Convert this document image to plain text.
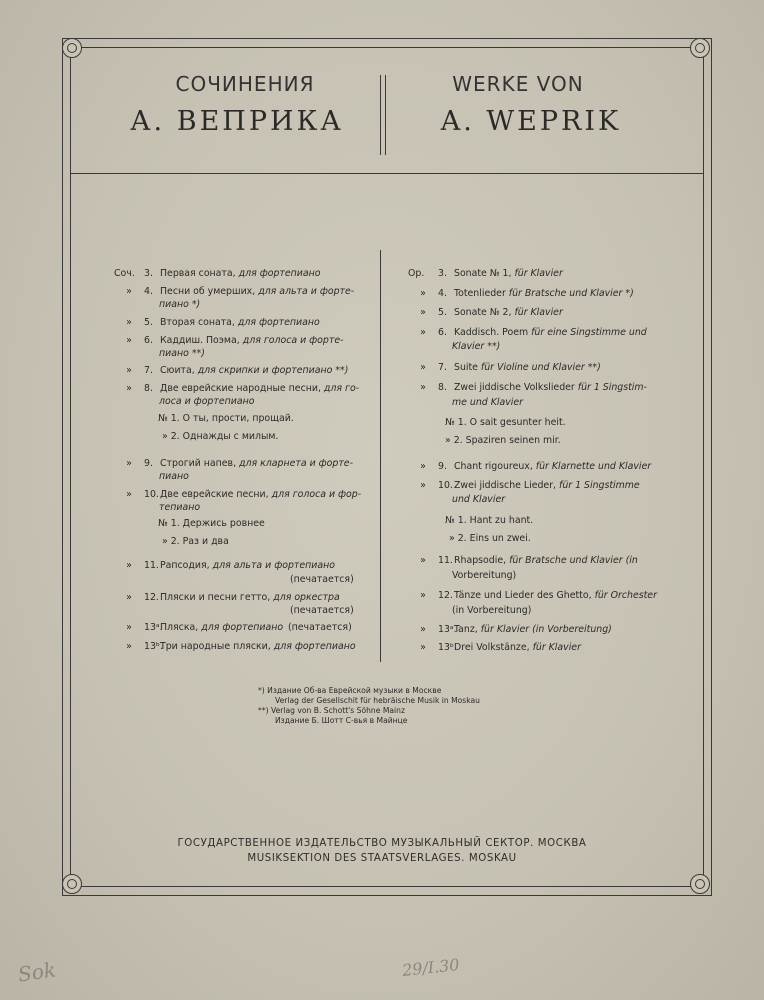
СОЧИНЕНИЯ
А. ВЕПРИКА
WERKE VON
A. WEPRIK
Соч. 3. Первая соната, для фортепиано
» 4. Песни об умерших, для альта и форте-
пиано *)
» 5. Вторая соната, для фортепиано
» 6. Каддиш. Поэма, для голоса и форте-
пиано **)
» 7. Сюита, для скрипки и фортепиано **)
» 8. Две еврейские народные песни, для го-
лоса и фортепиано
№ 1. О ты, прости, прощай.
» 2. Однажды с милым.
» 9. Строгий напев, для кларнета и форте-
пиано
» 10.Две еврейские песни, для голоса и фор-
тепиано
№ 1. Держись ровнее
» 2. Раз и два
» 11.Рапсодия, для альта и фортепиано
(печатается)
» 12.Пляски и песни гетто, для оркестра
(печатается)
» 13ᵃ.Пляска, для фортепиано
» 13ᵇ.Три народные пляски, для фортепиано
Op. 3. Sonate № 1, für Klavier
» 4. Totenlieder für Bratsche und Klavier *)
» 5. Sonate № 2, für Klavier
» 6. Kaddisch. Poem für eine Singstimme und
Klavier **)
» 7. Suite für Violine und Klavier **)
» 8. Zwei jiddische Volkslieder für 1 Singstim-
me und Klavier
№ 1. O sait gesunter heit.
» 2. Spaziren seinen mir.
» 9. Chant rigoureux, für Klarnette und Klavier
» 10.Zwei jiddische Lieder, für 1 Singstimme
und Klavier
№ 1. Hant zu hant.
» 2. Eins un zwei.
» 11.Rhapsodie, für Bratsche und Klavier (in
Vorbereitung)
» 12.Tänze und Lieder des Ghetto, für Orchester
(in Vorbereitung)
» 13ᵃ.Tanz, für Klavier (in Vorbereitung)
» 13ᵇ.Drei Volkstänze, für Klavier
(печатается)
*) Издание Об-ва Еврейской музыки в Москве
Verlag der Gesellschit für hebräische Musik in Moskau
**) Verlag von B. Schott's Söhne Mainz
Издание Б. Шотт С-вья в Майнце
ГОСУДАРСТВЕННОЕ ИЗДАТЕЛЬСТВО МУЗЫКАЛЬНЫЙ СЕКТОР. МОСКВА
MUSIKSEKTION DES STAATSVERLAGES. MOSKAU
Sok	29/I.30
